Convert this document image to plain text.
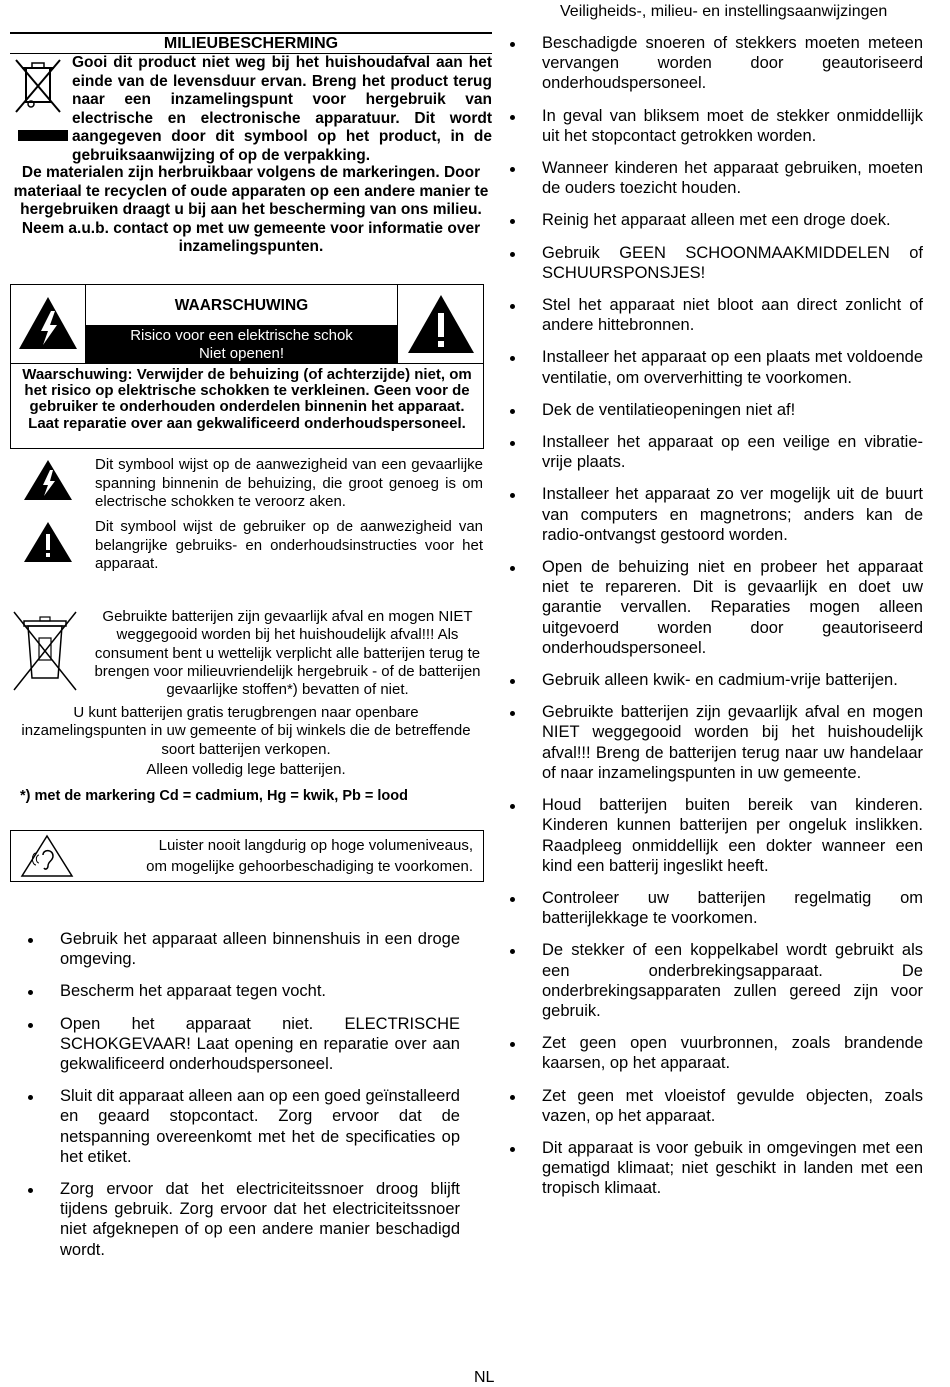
Veiligheids-, milieu- en instellingsaanwijzingen
MILIEUBESCHERMING
Gooi dit product niet weg bij het huishoudafval aan het einde van de levensduur ervan. Breng het product terug naar een inzamelingspunt voor hergebruik van electrische en electronische apparatuur. Dit wordt aangegeven door dit symbool op het product, in de gebruiksaanwijzing of op de verpakking.
De materialen zijn herbruikbaar volgens de markeringen. Door materiaal te recyclen of oude apparaten op een andere manier te hergebruiken draagt u bij aan het bescherming van ons milieu. Neem a.u.b. contact op met uw gemeente voor informatie over inzamelingspunten.
WAARSCHUWING
Risico voor een elektrische schok
Niet openen!
Waarschuwing: Verwijder de behuizing (of achterzijde) niet, om het risico op elektrische schokken te verkleinen. Geen voor de gebruiker te onderhouden onderdelen binnenin het apparaat. Laat reparatie over aan gekwalificeerd onderhoudspersoneel.
Dit symbool wijst op de aanwezigheid van een gevaarlijke spanning binnenin de behuizing, die groot genoeg is om electrische schokken te veroorz aken.
Dit symbool wijst de gebruiker op de aanwezigheid van belangrijke gebruiks- en onderhoudsinstructies voor het apparaat.
Gebruikte batterijen zijn gevaarlijk afval en mogen NIET weggegooid worden bij het huishoudelijk afval!!! Als consument bent u wettelijk verplicht alle batterijen terug te brengen voor milieuvriendelijk hergebruik - of de batterijen gevaarlijke stoffen*) bevatten of niet.
U kunt batterijen gratis terugbrengen naar openbare inzamelingspunten in uw gemeente of bij winkels die de betreffende soort batterijen verkopen.
Alleen volledig lege batterijen.
*) met de markering Cd = cadmium, Hg = kwik, Pb = lood
Luister nooit langdurig op hoge volumeniveaus,
om mogelijke gehoorbeschadiging te voorkomen.
Gebruik het apparaat alleen binnenshuis in een droge omgeving.
Bescherm het apparaat tegen vocht.
Open het apparaat niet. ELECTRISCHE SCHOKGEVAAR! Laat opening en reparatie over aan gekwalificeerd onderhoudspersoneel.
Sluit dit apparaat alleen aan op een goed geïnstalleerd en geaard stopcontact. Zorg ervoor dat de netspanning overeenkomt met het de specificaties op het etiket.
Zorg ervoor dat het electriciteitssnoer droog blijft tijdens gebruik. Zorg ervoor dat het electriciteitssnoer niet afgeknepen of op een andere manier beschadigd wordt.
Beschadigde snoeren of stekkers moeten meteen vervangen worden door geautoriseerd onderhoudspersoneel.
In geval van bliksem moet de stekker onmiddellijk uit het stopcontact getrokken worden.
Wanneer kinderen het apparaat gebruiken, moeten de ouders toezicht houden.
Reinig het apparaat alleen met een droge doek.
Gebruik GEEN SCHOONMAAKMIDDELEN of SCHUURSPONSJES!
Stel het apparaat niet bloot aan direct zonlicht of andere hittebronnen.
Installeer het apparaat op een plaats met voldoende ventilatie, om oververhitting te voorkomen.
Dek de ventilatieopeningen niet af!
Installeer het apparaat op een veilige en vibratie-vrije plaats.
Installeer het apparaat zo ver mogelijk uit de buurt van computers en magnetrons; anders kan de radio-ontvangst gestoord worden.
Open de behuizing niet en probeer het apparaat niet te repareren. Dit is gevaarlijk en doet uw garantie vervallen. Reparaties mogen alleen uitgevoerd worden door geautoriseerd onderhoudspersoneel.
Gebruik alleen kwik- en cadmium-vrije batterijen.
Gebruikte batterijen zijn gevaarlijk afval en mogen NIET weggegooid worden bij het huishoudelijk afval!!! Breng de batterijen terug naar uw handelaar of naar inzamelingspunten in uw gemeente.
Houd batterijen buiten bereik van kinderen. Kinderen kunnen batterijen per ongeluk inslikken. Raadpleeg onmiddellijk een dokter wanneer een kind een batterij ingeslikt heeft.
Controleer uw batterijen regelmatig om batterijlekkage te voorkomen.
De stekker of een koppelkabel wordt gebruikt als een onderbrekingsapparaat. De onderbrekingsapparaten zullen gereed zijn voor gebruik.
Zet geen open vuurbronnen, zoals brandende kaarsen, op het apparaat.
Zet geen met vloeistof gevulde objecten, zoals vazen, op het apparaat.
Dit apparaat is voor gebuik in omgevingen met een gematigd klimaat; niet geschikt in landen met een tropisch klimaat.
NL
